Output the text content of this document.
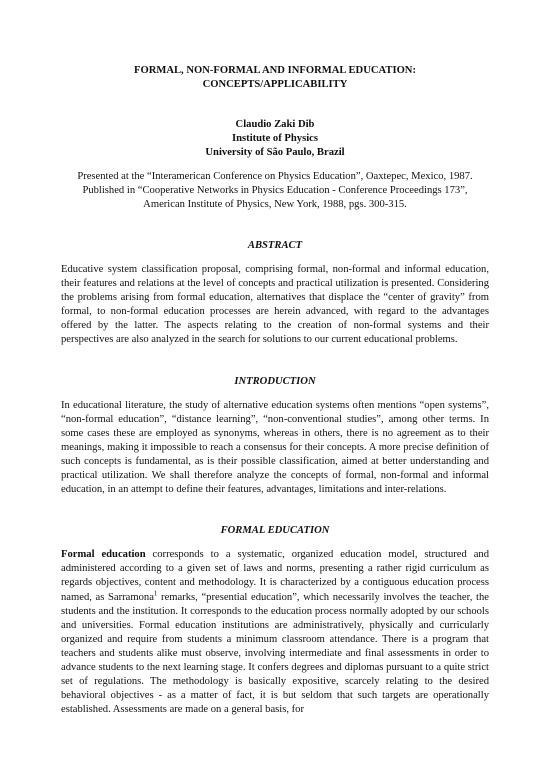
FORMAL, NON-FORMAL AND INFORMAL EDUCATION:
CONCEPTS/APPLICABILITY
Claudio Zaki Dib
Institute of Physics
University of São Paulo, Brazil
Presented at the “Interamerican Conference on Physics Education”, Oaxtepec, Mexico, 1987.
Published in “Cooperative Networks in Physics Education - Conference Proceedings 173”,
American Institute of Physics, New York, 1988, pgs. 300-315.
ABSTRACT

Educative system classification proposal, comprising formal, non-formal and informal education, their features and relations at the level of concepts and practical utilization is presented. Considering the problems arising from formal education, alternatives that displace the “center of gravity” from formal, to non-formal education processes are herein advanced, with regard to the advantages offered by the latter. The aspects relating to the creation of non-formal systems and their perspectives are also analyzed in the search for solutions to our current educational problems.

INTRODUCTION

In educational literature, the study of alternative education systems often mentions “open systems”, “non-formal education”, “distance learning”, “non-conventional studies”, among other terms. In some cases these are employed as synonyms, whereas in others, there is no agreement as to their meanings, making it impossible to reach a consensus for their concepts. A more precise definition of such concepts is fundamental, as is their possible classification, aimed at better understanding and practical utilization. We shall therefore analyze the concepts of formal, non-formal and informal education, in an attempt to define their features, advantages, limitations and inter-relations.

FORMAL EDUCATION

Formal education corresponds to a systematic, organized education model, structured and administered according to a given set of laws and norms, presenting a rather rigid curriculum as regards objectives, content and methodology. It is characterized by a contiguous education process named, as Sarramona$^1$ remarks, “presential education”, which necessarily involves the teacher, the students and the institution. It corresponds to the education process normally adopted by our schools and universities. Formal education institutions are administratively, physically and curricularly organized and require from students a minimum classroom attendance. There is a program that teachers and students alike must observe, involving intermediate and final assessments in order to advance students to the next learning stage. It confers degrees and diplomas pursuant to a quite strict set of regulations. The methodology is basically expositive, scarcely relating to the desired behavioral objectives - as a matter of fact, it is but seldom that such targets are operationally established. Assessments are made on a general basis, for
